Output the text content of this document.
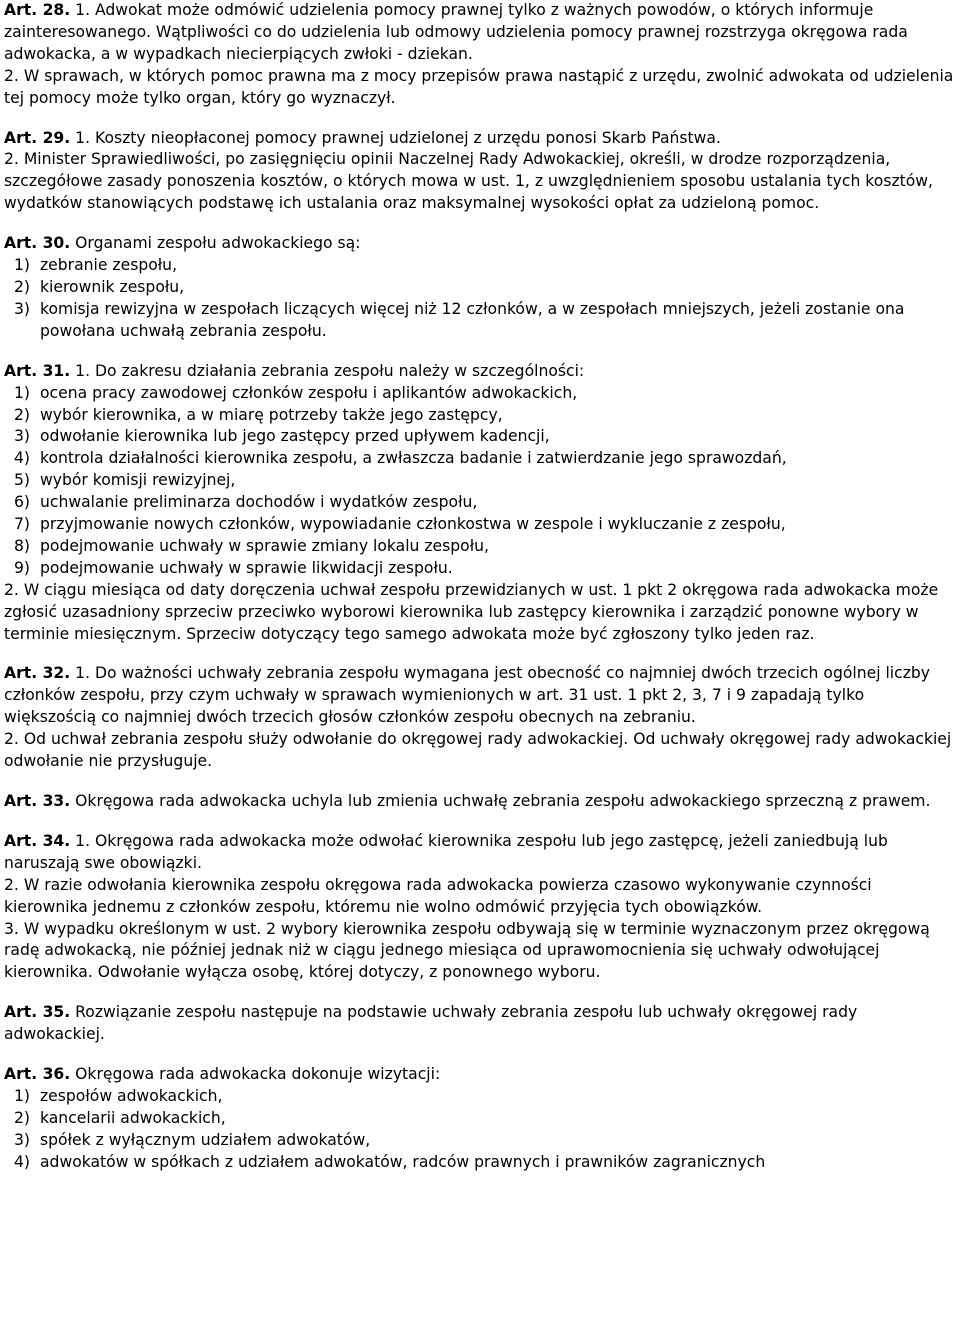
Art. 28. 1. Adwokat może odmówić udzielenia pomocy prawnej tylko z ważnych powodów, o których informuje zainteresowanego. Wątpliwości co do udzielenia lub odmowy udzielenia pomocy prawnej rozstrzyga okręgowa rada adwokacka, a w wypadkach niecierpiących zwłoki - dziekan.

2. W sprawach, w których pomoc prawna ma z mocy przepisów prawa nastąpić z urzędu, zwolnić adwokata od udzielenia tej pomocy może tylko organ, który go wyznaczył.

Art. 29. 1. Koszty nieopłaconej pomocy prawnej udzielonej z urzędu ponosi Skarb Państwa.

2. Minister Sprawiedliwości, po zasięgnięciu opinii Naczelnej Rady Adwokackiej, określi, w drodze rozporządzenia, szczegółowe zasady ponoszenia kosztów, o których mowa w ust. 1, z uwzględnieniem sposobu ustalania tych kosztów, wydatków stanowiących podstawę ich ustalania oraz maksymalnej wysokości opłat za udzieloną pomoc.

Art. 30. Organami zespołu adwokackiego są:

1) zebranie zespołu,
2) kierownik zespołu,
3) komisja rewizyjna w zespołach liczących więcej niż 12 członków, a w zespołach mniejszych, jeżeli zostanie ona powołana uchwałą zebrania zespołu.

Art. 31. 1. Do zakresu działania zebrania zespołu należy w szczególności:

1) ocena pracy zawodowej członków zespołu i aplikantów adwokackich,
2) wybór kierownika, a w miarę potrzeby także jego zastępcy,
3) odwołanie kierownika lub jego zastępcy przed upływem kadencji,
4) kontrola działalności kierownika zespołu, a zwłaszcza badanie i zatwierdzanie jego sprawozdań,
5) wybór komisji rewizyjnej,
6) uchwalanie preliminarza dochodów i wydatków zespołu,
7) przyjmowanie nowych członków, wypowiadanie członkostwa w zespole i wykluczanie z zespołu,
8) podejmowanie uchwały w sprawie zmiany lokalu zespołu,
9) podejmowanie uchwały w sprawie likwidacji zespołu.

2. W ciągu miesiąca od daty doręczenia uchwał zespołu przewidzianych w ust. 1 pkt 2 okręgowa rada adwokacka może zgłosić uzasadniony sprzeciw przeciwko wyborowi kierownika lub zastępcy kierownika i zarządzić ponowne wybory w terminie miesięcznym. Sprzeciw dotyczący tego samego adwokata może być zgłoszony tylko jeden raz.

Art. 32. 1. Do ważności uchwały zebrania zespołu wymagana jest obecność co najmniej dwóch trzecich ogólnej liczby członków zespołu, przy czym uchwały w sprawach wymienionych w art. 31 ust. 1 pkt 2, 3, 7 i 9 zapadają tylko większością co najmniej dwóch trzecich głosów członków zespołu obecnych na zebraniu.

2. Od uchwał zebrania zespołu służy odwołanie do okręgowej rady adwokackiej. Od uchwały okręgowej rady adwokackiej odwołanie nie przysługuje.

Art. 33. Okręgowa rada adwokacka uchyla lub zmienia uchwałę zebrania zespołu adwokackiego sprzeczną z prawem.

Art. 34. 1. Okręgowa rada adwokacka może odwołać kierownika zespołu lub jego zastępcę, jeżeli zaniedbują lub naruszają swe obowiązki.

2. W razie odwołania kierownika zespołu okręgowa rada adwokacka powierza czasowo wykonywanie czynności kierownika jednemu z członków zespołu, któremu nie wolno odmówić przyjęcia tych obowiązków.

3. W wypadku określonym w ust. 2 wybory kierownika zespołu odbywają się w terminie wyznaczonym przez okręgową radę adwokacką, nie później jednak niż w ciągu jednego miesiąca od uprawomocnienia się uchwały odwołującej kierownika. Odwołanie wyłącza osobę, której dotyczy, z ponownego wyboru.

Art. 35. Rozwiązanie zespołu następuje na podstawie uchwały zebrania zespołu lub uchwały okręgowej rady adwokackiej.

Art. 36. Okręgowa rada adwokacka dokonuje wizytacji:

1) zespołów adwokackich,
2) kancelarii adwokackich,
3) spółek z wyłącznym udziałem adwokatów,
4) adwokatów w spółkach z udziałem adwokatów, radców prawnych i prawników zagranicznych
